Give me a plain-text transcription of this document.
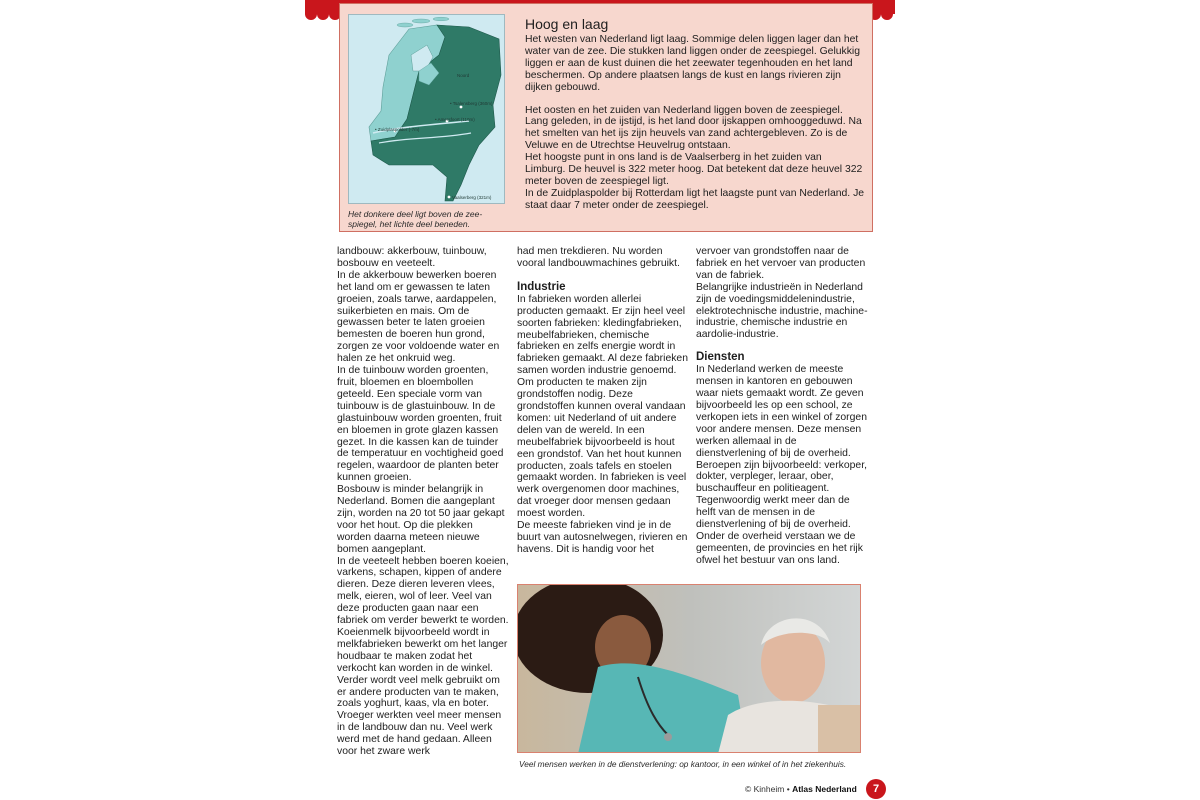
Noord
• Tsalensberg (360m)
• Amersfoort (110m)
• Zuidplaspolder (-7m)
Vaalserberg (321m)
Het donkere deel ligt boven de zee-spiegel, het lichte deel beneden.
Hoog en laag

Het westen van Nederland ligt laag. Sommige delen liggen lager dan het water van de zee. Die stukken land liggen onder de zeespiegel. Gelukkig liggen er aan de kust duinen die het zeewater tegenhouden en het land beschermen. Op andere plaatsen langs de kust en langs rivieren zijn dijken gebouwd.

Het oosten en het zuiden van Nederland liggen boven de zeespiegel. Lang geleden, in de ijstijd, is het land door ijskappen omhooggeduwd. Na het smelten van het ijs zijn heuvels van zand achtergebleven. Zo is de Veluwe en de Utrechtse Heuvelrug ontstaan.

Het hoogste punt in ons land is de Vaalserberg in het zuiden van Limburg. De heuvel is 322 meter hoog. Dat betekent dat deze heuvel 322 meter boven de zeespiegel ligt.

In de Zuidplaspolder bij Rotterdam ligt het laagste punt van Nederland. Je staat daar 7 meter onder de zeespiegel.

landbouw: akkerbouw, tuinbouw, bosbouw en veeteelt.

In de akkerbouw bewerken boeren het land om er gewassen te laten groeien, zoals tarwe, aardappelen, suikerbieten en mais. Om de gewassen beter te laten groeien bemesten de boeren hun grond, zorgen ze voor voldoende water en halen ze het onkruid weg.

In de tuinbouw worden groenten, fruit, bloemen en bloembollen geteeld. Een speciale vorm van tuinbouw is de glastuinbouw. In de glastuinbouw worden groenten, fruit en bloemen in grote glazen kassen gezet. In die kassen kan de tuinder de temperatuur en vochtigheid goed regelen, waardoor de planten beter kunnen groeien.

Bosbouw is minder belangrijk in Nederland. Bomen die aangeplant zijn, worden na 20 tot 50 jaar gekapt voor het hout. Op die plekken worden daarna meteen nieuwe bomen aangeplant.

In de veeteelt hebben boeren koeien, varkens, schapen, kippen of andere dieren. Deze dieren leveren vlees, melk, eieren, wol of leer. Veel van deze producten gaan naar een fabriek om verder bewerkt te worden. Koeienmelk bijvoorbeeld wordt in melkfabrieken bewerkt om het langer houdbaar te maken zodat het verkocht kan worden in de winkel. Verder wordt veel melk gebruikt om er andere producten van te maken, zoals yoghurt, kaas, vla en boter.

Vroeger werkten veel meer mensen in de landbouw dan nu. Veel werk werd met de hand gedaan. Alleen voor het zware werk

had men trekdieren. Nu worden vooral landbouwmachines gebruikt.

Industrie

In fabrieken worden allerlei producten gemaakt. Er zijn heel veel soorten fabrieken: kledingfabrieken, meubelfabrieken, chemische fabrieken en zelfs energie wordt in fabrieken gemaakt. Al deze fabrieken samen worden industrie genoemd.

Om producten te maken zijn grondstoffen nodig. Deze grondstoffen kunnen overal vandaan komen: uit Nederland of uit andere delen van de wereld. In een meubelfabriek bijvoorbeeld is hout een grondstof. Van het hout kunnen producten, zoals tafels en stoelen gemaakt worden. In fabrieken is veel werk overgenomen door machines, dat vroeger door mensen gedaan moest worden.

De meeste fabrieken vind je in de buurt van autosnelwegen, rivieren en havens. Dit is handig voor het

vervoer van grondstoffen naar de fabriek en het vervoer van producten van de fabriek.

Belangrijke industrieën in Nederland zijn de voedingsmiddelenindustrie, elektrotechnische industrie, machine-industrie, chemische industrie en aardolie-industrie.

Diensten

In Nederland werken de meeste mensen in kantoren en gebouwen waar niets gemaakt wordt. Ze geven bijvoorbeeld les op een school, ze verkopen iets in een winkel of zorgen voor andere mensen. Deze mensen werken allemaal in de dienstverlening of bij de overheid.

Beroepen zijn bijvoorbeeld: verkoper, dokter, verpleger, leraar, ober, buschauffeur en politieagent.

Tegenwoordig werkt meer dan de helft van de mensen in de dienstverlening of bij de overheid. Onder de overheid verstaan we de gemeenten, de provincies en het rijk ofwel het bestuur van ons land.

Veel mensen werken in de dienstverlening: op kantoor, in een winkel of in het ziekenhuis.
© Kinheim • Atlas Nederland	7
